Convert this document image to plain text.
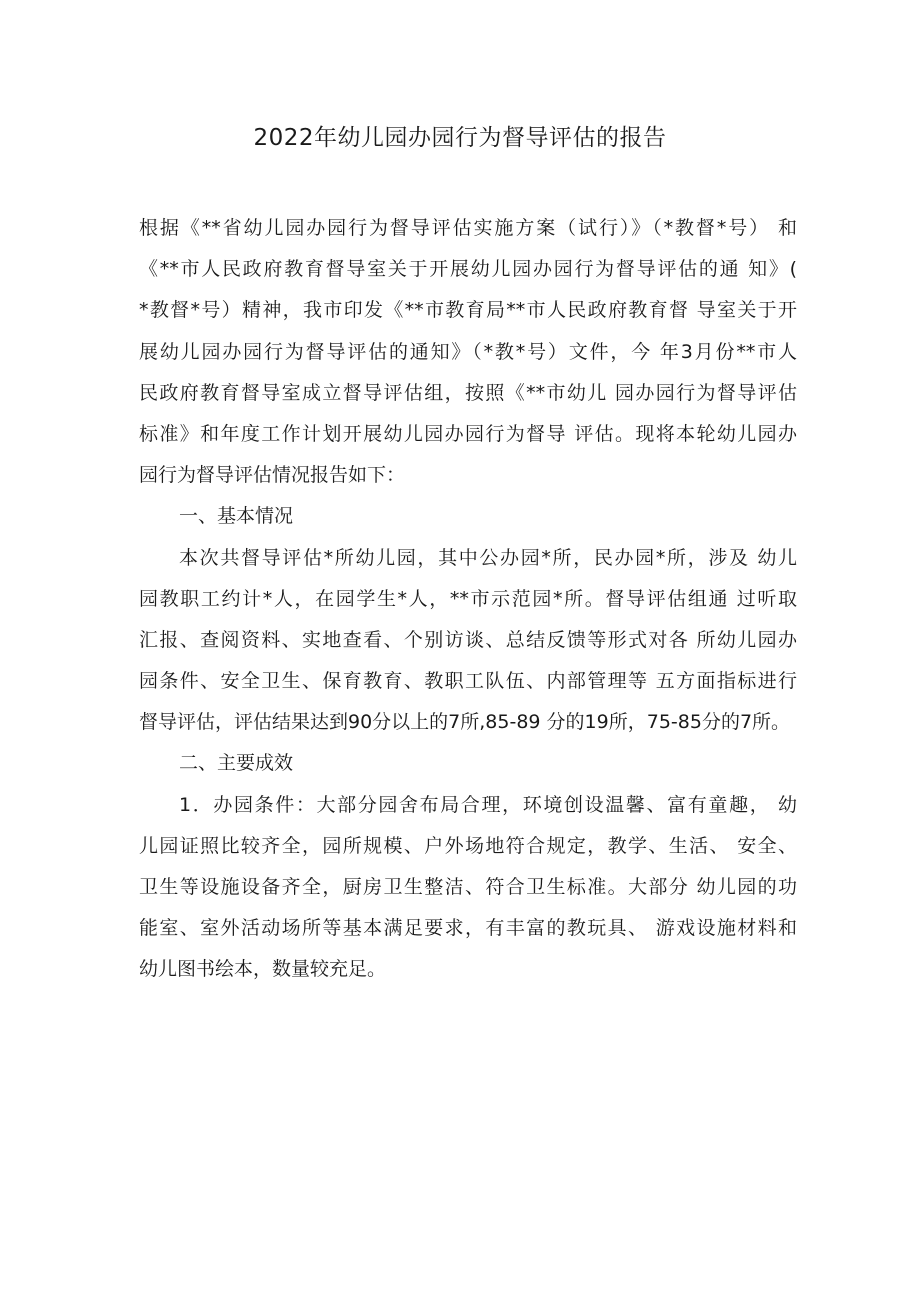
2022年幼儿园办园行为督导评估的报告
根据《**省幼儿园办园行为督导评估实施方案（试行）》（*教督*号） 和
《**市人民政府教育督导室关于开展幼儿园办园行为督导评估的通 知》(
*教督*号）精神，我市印发《**市教育局**市人民政府教育督 导室关于开
展幼儿园办园行为督导评估的通知》（*教*号）文件，今 年3月份**市人
民政府教育督导室成立督导评估组，按照《**市幼儿 园办园行为督导评估
标准》和年度工作计划开展幼儿园办园行为督导 评估。现将本轮幼儿园办
园行为督导评估情况报告如下：
一、基本情况
本次共督导评估*所幼儿园，其中公办园*所，民办园*所，涉及 幼儿
园教职工约计*人，在园学生*人，**市示范园*所。督导评估组通 过听取
汇报、查阅资料、实地查看、个别访谈、总结反馈等形式对各 所幼儿园办
园条件、安全卫生、保育教育、教职工队伍、内部管理等 五方面指标进行
督导评估，评估结果达到90分以上的7所,85-89 分的19所，75-85分的7所。
二、主要成效
1．办园条件：大部分园舍布局合理，环境创设温馨、富有童趣， 幼
儿园证照比较齐全，园所规模、户外场地符合规定，教学、生活、 安全、
卫生等设施设备齐全，厨房卫生整洁、符合卫生标准。大部分 幼儿园的功
能室、室外活动场所等基本满足要求，有丰富的教玩具、 游戏设施材料和
幼儿图书绘本，数量较充足。
